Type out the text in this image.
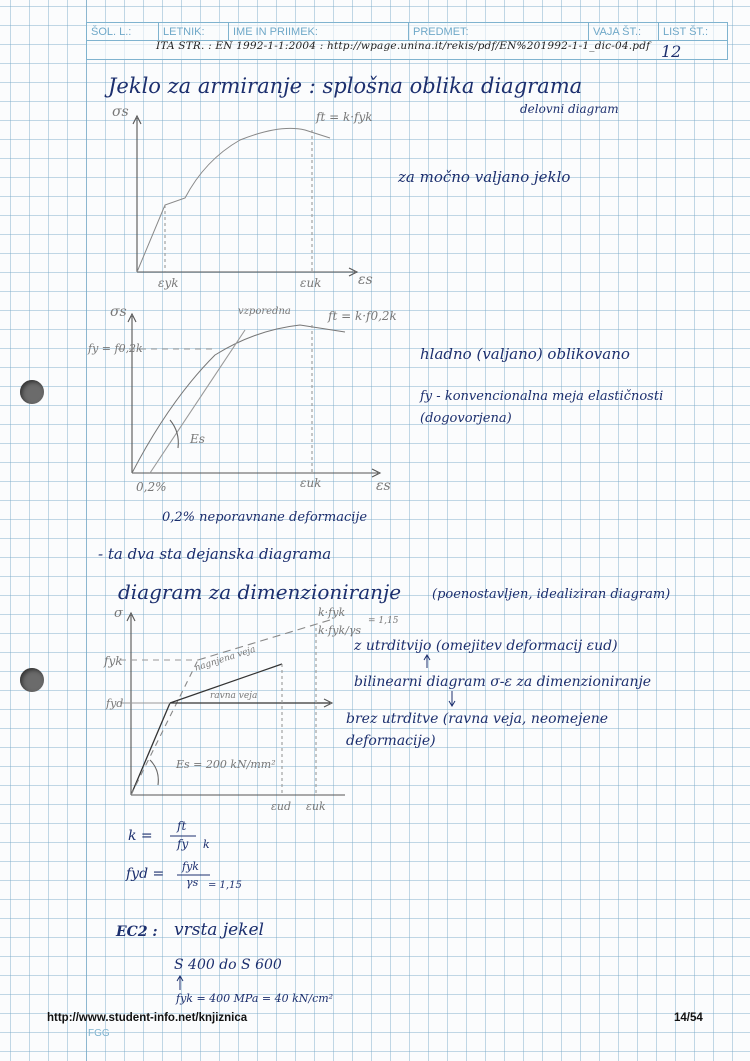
ŠOL. L.:	LETNIK:	IME IN PRIIMEK:	PREDMET:	VAJA ŠT.:	LIST ŠT.: 12
ITA STR. : EN 1992-1-1:2004 : http://wpage.unina.it/rekis/pdf/EN%201992-1-1_dic-04.pdf
Jeklo za armiranje : splošna oblika diagrama
delovni diagram
σs
εs
εyk	εuk
ft = k·fyk
za močno valjano jeklo
σs
fy = f0,2k
ft = k·f0,2k
vzporedna
Es
0,2%	εuk	εs
hladno (valjano) oblikovano
fy - konvencionalna meja elastičnosti (dogovorjena)
0,2% neporavnane deformacije
- ta dva sta dejanska diagrama
diagram za dimenzioniranje (poenostavljen, idealiziran diagram)
σ
fyk
fyd
k·fyk
k·fyk/γs
= 1,15
nagnjena veja
ravna veja
Es = 200 kN/mm²
εud εuk
z utrditvijo (omejitev deformacij εud)
bilinearni diagram σ-ε za dimenzioniranje
brez utrditve (ravna veja, neomejene deformacije)
k =
ft
fy k
fyd = fyk
γs = 1,15
EC2 : vrsta jekel
S 400 do S 600
fyk = 400 MPa = 40 kN/cm²
http://www.student-info.net/knjiznica	14/54
FGG
